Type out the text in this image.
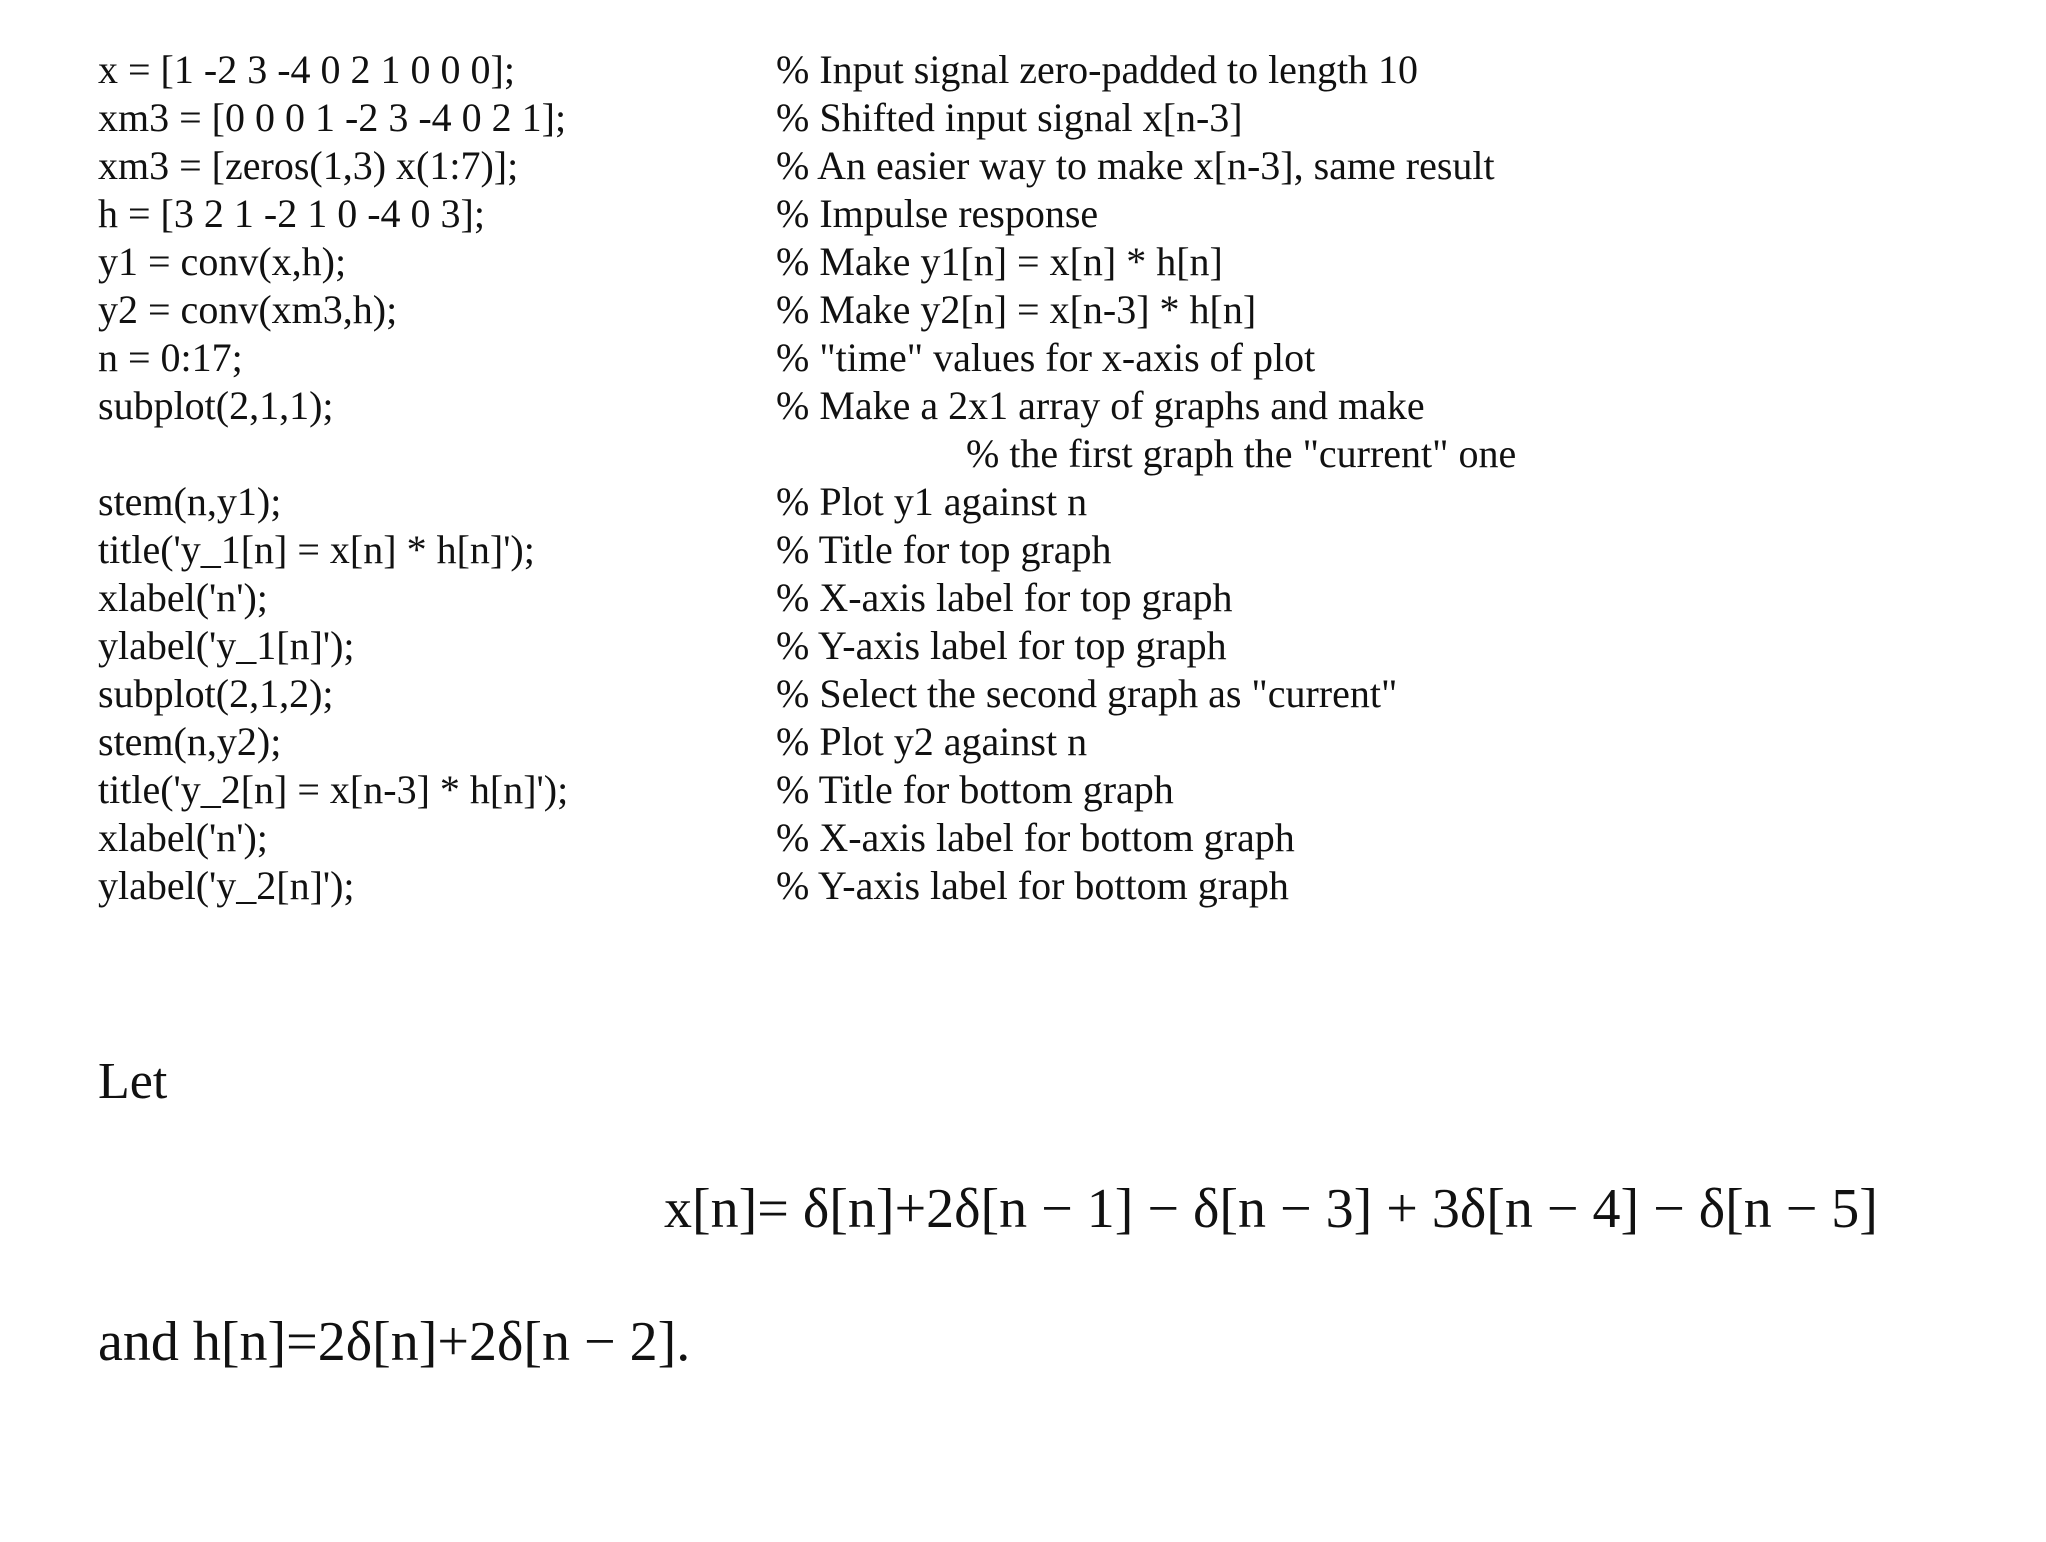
x = [1 -2 3 -4 0 2 1 0 0 0];	% Input signal zero-padded to length 10
xm3 = [0 0 0 1 -2 3 -4 0 2 1];	% Shifted input signal x[n-3]
xm3 = [zeros(1,3) x(1:7)];	% An easier way to make x[n-3], same result
h = [3 2 1 -2 1 0 -4 0 3];	% Impulse response
y1 = conv(x,h);	% Make y1[n] = x[n] * h[n]
y2 = conv(xm3,h);	% Make y2[n] = x[n-3] * h[n]
n = 0:17;	% "time" values for x-axis of plot
subplot(2,1,1);	% Make a 2x1 array of graphs and make
% the first graph the "current" one
stem(n,y1);	% Plot y1 against n
title('y_1[n] = x[n] * h[n]');	% Title for top graph
xlabel('n');	% X-axis label for top graph
ylabel('y_1[n]');	% Y-axis label for top graph
subplot(2,1,2);	% Select the second graph as "current"
stem(n,y2);	% Plot y2 against n
title('y_2[n] = x[n-3] * h[n]');	% Title for bottom graph
xlabel('n');	% X-axis label for bottom graph
ylabel('y_2[n]');	% Y-axis label for bottom graph
Let
x[n]= δ[n]+2δ[n − 1] − δ[n − 3] + 3δ[n − 4] − δ[n − 5]
and h[n]=2δ[n]+2δ[n − 2].
